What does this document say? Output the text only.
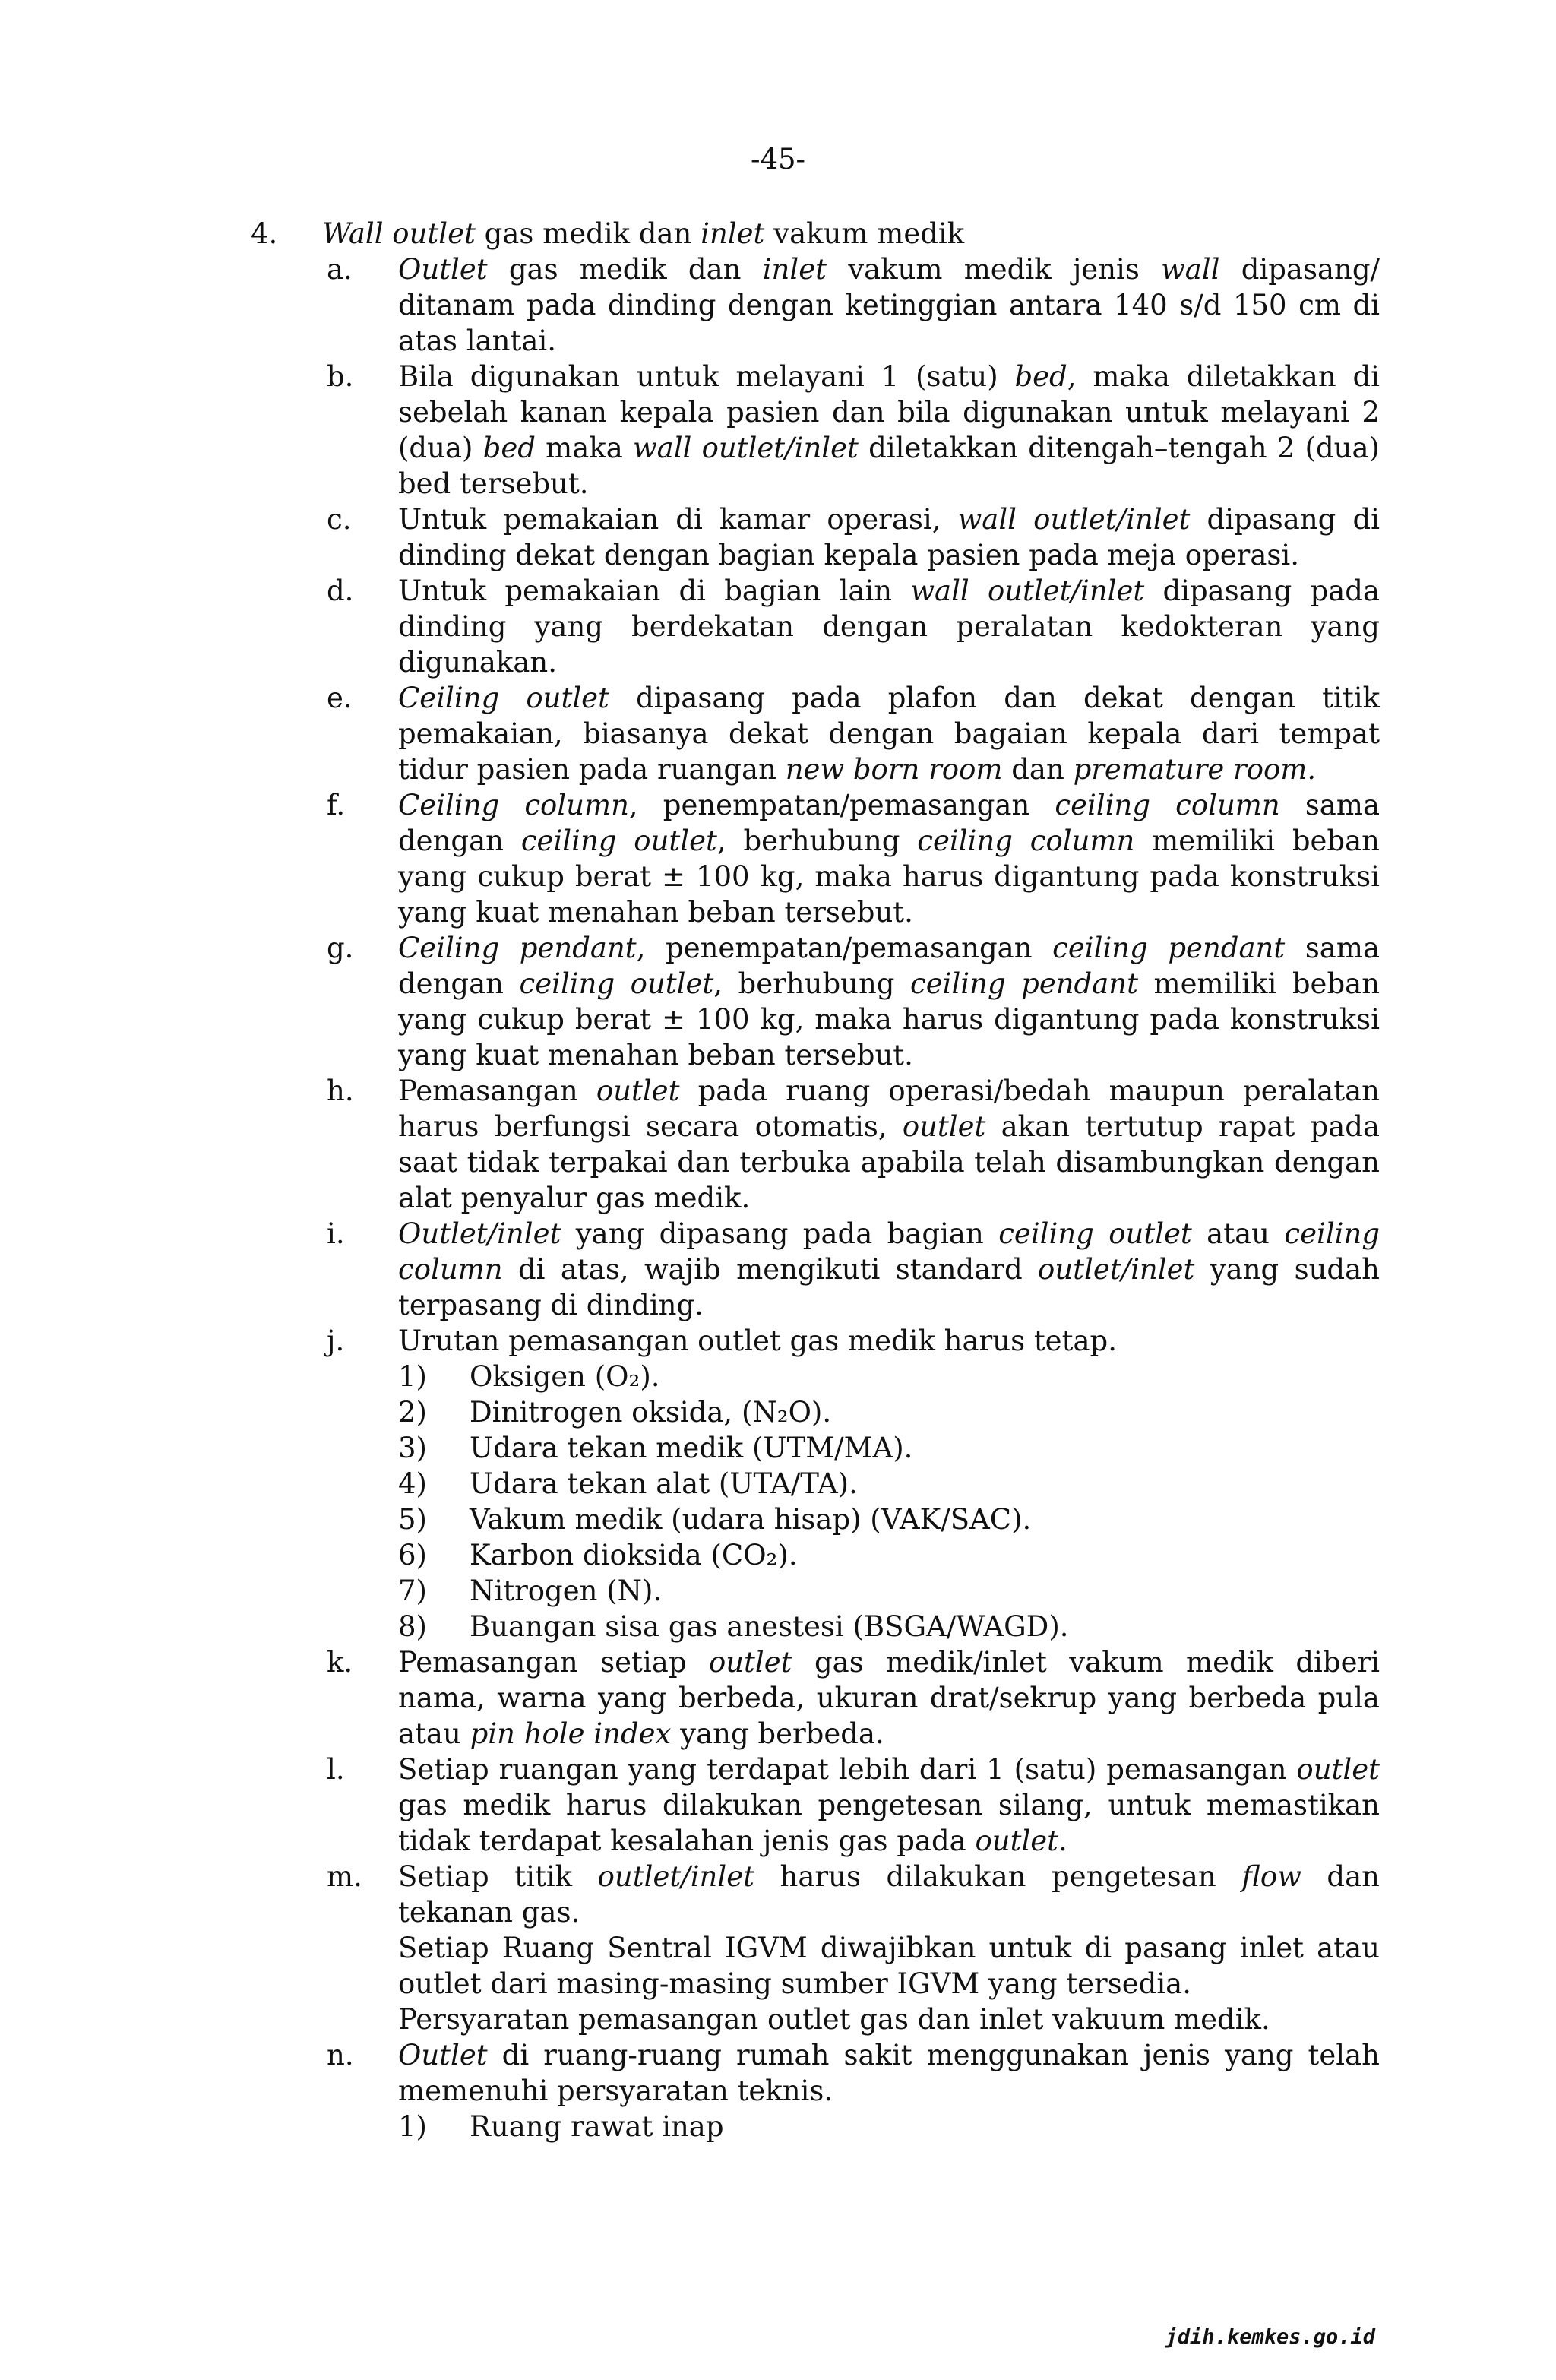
-45-
4.	Wall outlet gas medik dan inlet vakum medik
a.	Outlet gas medik dan inlet vakum medik jenis wall dipasang/ ditanam pada dinding dengan ketinggian antara 140 s/d 150 cm di atas lantai.
b.	Bila digunakan untuk melayani 1 (satu) bed, maka diletakkan di sebelah kanan kepala pasien dan bila digunakan untuk melayani 2 (dua) bed maka wall outlet/inlet diletakkan ditengah–tengah 2 (dua) bed tersebut.
c.	Untuk pemakaian di kamar operasi, wall outlet/inlet dipasang di dinding dekat dengan bagian kepala pasien pada meja operasi.
d.	Untuk pemakaian di bagian lain wall outlet/inlet dipasang pada dinding yang berdekatan dengan peralatan kedokteran yang digunakan.
e.	Ceiling outlet dipasang pada plafon dan dekat dengan titik pemakaian, biasanya dekat dengan bagaian kepala dari tempat tidur pasien pada ruangan new born room dan premature room.
f.	Ceiling column, penempatan/pemasangan ceiling column sama dengan ceiling outlet, berhubung ceiling column memiliki beban yang cukup berat ± 100 kg, maka harus digantung pada konstruksi yang kuat menahan beban tersebut.
g.	Ceiling pendant, penempatan/pemasangan ceiling pendant sama dengan ceiling outlet, berhubung ceiling pendant memiliki beban yang cukup berat ± 100 kg, maka harus digantung pada konstruksi yang kuat menahan beban tersebut.
h.	Pemasangan outlet pada ruang operasi/bedah maupun peralatan harus berfungsi secara otomatis, outlet akan tertutup rapat pada saat tidak terpakai dan terbuka apabila telah disambungkan dengan alat penyalur gas medik.
i.	Outlet/inlet yang dipasang pada bagian ceiling outlet atau ceiling column di atas, wajib mengikuti standard outlet/inlet yang sudah terpasang di dinding.
j.	Urutan pemasangan outlet gas medik harus tetap.
1)	Oksigen (O₂).
2)	Dinitrogen oksida, (N₂O).
3)	Udara tekan medik (UTM/MA).
4)	Udara tekan alat (UTA/TA).
5)	Vakum medik (udara hisap) (VAK/SAC).
6)	Karbon dioksida (CO₂).
7)	Nitrogen (N).
8)	Buangan sisa gas anestesi (BSGA/WAGD).
k.	Pemasangan setiap outlet gas medik/inlet vakum medik diberi nama, warna yang berbeda, ukuran drat/sekrup yang berbeda pula atau pin hole index yang berbeda.
l.	Setiap ruangan yang terdapat lebih dari 1 (satu) pemasangan outlet gas medik harus dilakukan pengetesan silang, untuk memastikan tidak terdapat kesalahan jenis gas pada outlet.
m.	Setiap titik outlet/inlet harus dilakukan pengetesan flow dan tekanan gas.
Setiap Ruang Sentral IGVM diwajibkan untuk di pasang inlet atau outlet dari masing-masing sumber IGVM yang tersedia.
Persyaratan pemasangan outlet gas dan inlet vakuum medik.
n.	Outlet di ruang-ruang rumah sakit menggunakan jenis yang telah memenuhi persyaratan teknis.
1)	Ruang rawat inap
jdih.kemkes.go.id
